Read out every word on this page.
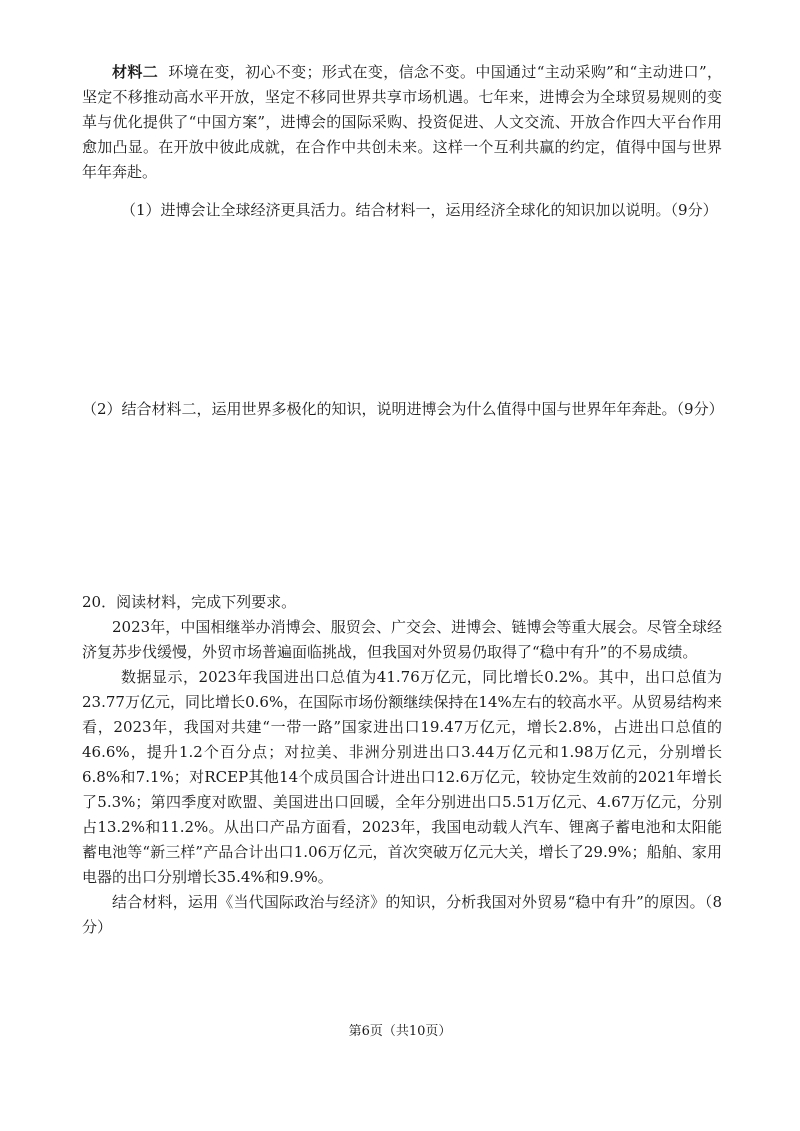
材料二 环境在变，初心不变；形式在变，信念不变。中国通过“主动采购”和“主动进口”，坚定不移推动高水平开放，坚定不移同世界共享市场机遇。七年来，进博会为全球贸易规则的变革与优化提供了“中国方案”，进博会的国际采购、投资促进、人文交流、开放合作四大平台作用愈加凸显。在开放中彼此成就，在合作中共创未来。这样一个互利共赢的约定，值得中国与世界年年奔赴。

（1）进博会让全球经济更具活力。结合材料一，运用经济全球化的知识加以说明。（9分）

（2）结合材料二，运用世界多极化的知识，说明进博会为什么值得中国与世界年年奔赴。（9分）

20．阅读材料，完成下列要求。

2023年，中国相继举办消博会、服贸会、广交会、进博会、链博会等重大展会。尽管全球经济复苏步伐缓慢，外贸市场普遍面临挑战，但我国对外贸易仍取得了“稳中有升”的不易成绩。

数据显示，2023年我国进出口总值为41.76万亿元，同比增长0.2%。其中，出口总值为23.77万亿元，同比增长0.6%，在国际市场份额继续保持在14%左右的较高水平。从贸易结构来看，2023年，我国对共建“一带一路”国家进出口19.47万亿元，增长2.8%，占进出口总值的46.6%，提升1.2个百分点；对拉美、非洲分别进出口3.44万亿元和1.98万亿元，分别增长6.8%和7.1%；对RCEP其他14个成员国合计进出口12.6万亿元，较协定生效前的2021年增长了5.3%；第四季度对欧盟、美国进出口回暖，全年分别进出口5.51万亿元、4.67万亿元，分别占13.2%和11.2%。从出口产品方面看，2023年，我国电动载人汽车、锂离子蓄电池和太阳能蓄电池等“新三样”产品合计出口1.06万亿元，首次突破万亿元大关，增长了29.9%；船舶、家用电器的出口分别增长35.4%和9.9%。

结合材料，运用《当代国际政治与经济》的知识，分析我国对外贸易“稳中有升”的原因。（8分）

第6页（共10页）
